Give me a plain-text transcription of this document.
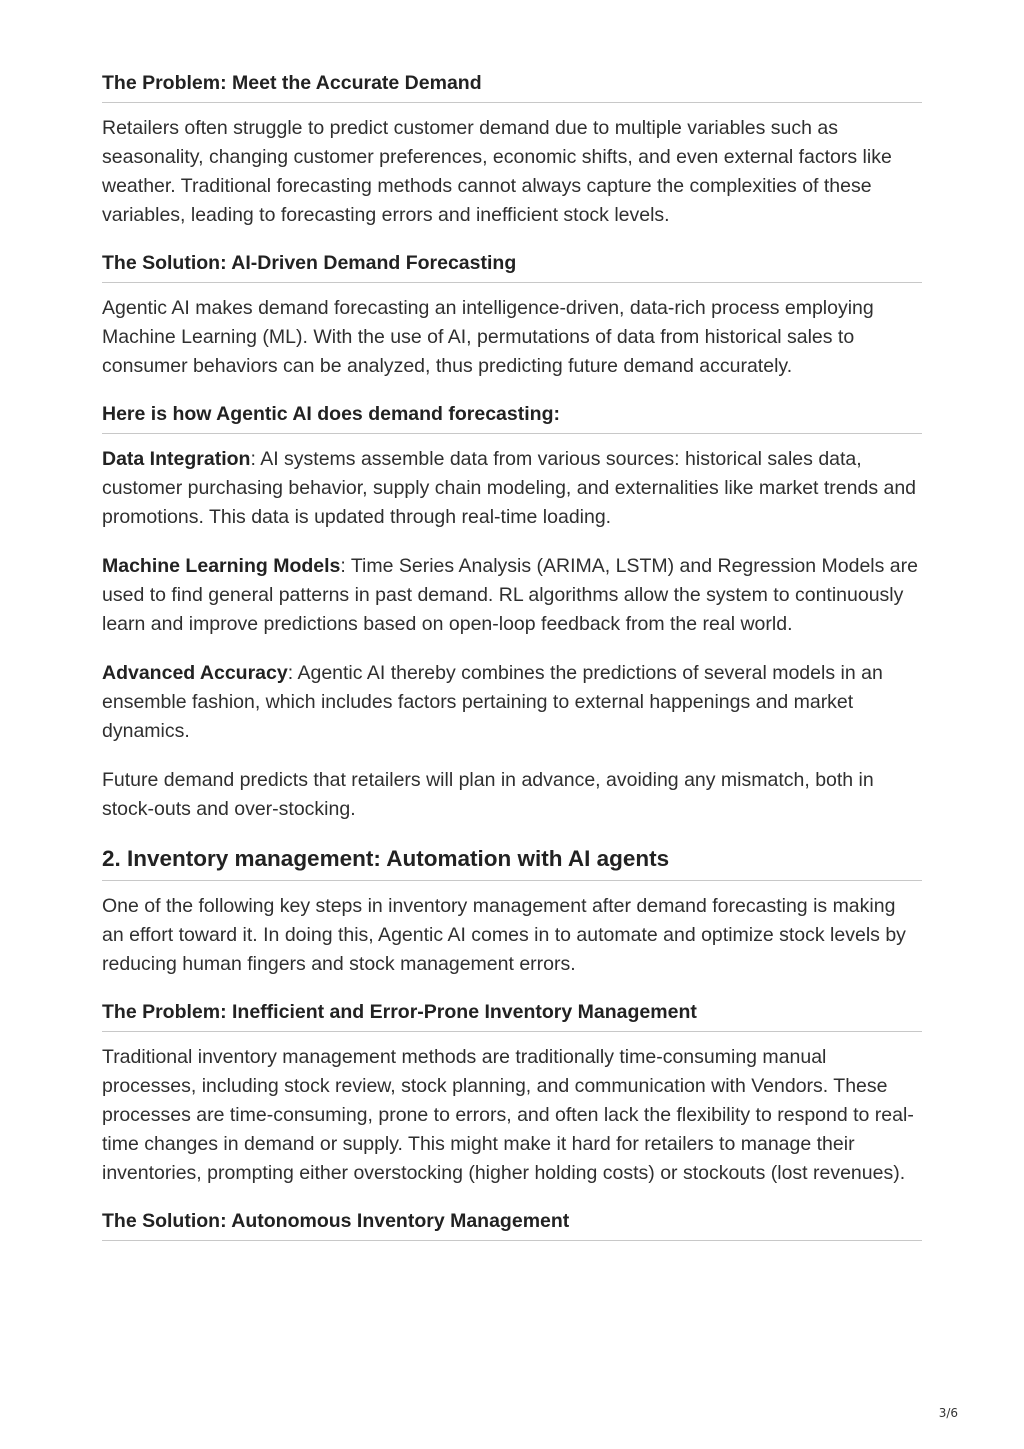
The Problem: Meet the Accurate Demand

Retailers often struggle to predict customer demand due to multiple variables such as seasonality, changing customer preferences, economic shifts, and even external factors like weather. Traditional forecasting methods cannot always capture the complexities of these variables, leading to forecasting errors and inefficient stock levels.

The Solution: AI-Driven Demand Forecasting

Agentic AI makes demand forecasting an intelligence-driven, data-rich process employing Machine Learning (ML). With the use of AI, permutations of data from historical sales to consumer behaviors can be analyzed, thus predicting future demand accurately.

Here is how Agentic AI does demand forecasting:

Data Integration: AI systems assemble data from various sources: historical sales data, customer purchasing behavior, supply chain modeling, and externalities like market trends and promotions. This data is updated through real-time loading.

Machine Learning Models: Time Series Analysis (ARIMA, LSTM) and Regression Models are used to find general patterns in past demand. RL algorithms allow the system to continuously learn and improve predictions based on open-loop feedback from the real world.

Advanced Accuracy: Agentic AI thereby combines the predictions of several models in an ensemble fashion, which includes factors pertaining to external happenings and market dynamics.

Future demand predicts that retailers will plan in advance, avoiding any mismatch, both in stock-outs and over-stocking.

2. Inventory management: Automation with AI agents

One of the following key steps in inventory management after demand forecasting is making an effort toward it. In doing this, Agentic AI comes in to automate and optimize stock levels by reducing human fingers and stock management errors.

The Problem: Inefficient and Error-Prone Inventory Management

Traditional inventory management methods are traditionally time-consuming manual processes, including stock review, stock planning, and communication with Vendors. These processes are time-consuming, prone to errors, and often lack the flexibility to respond to real-time changes in demand or supply. This might make it hard for retailers to manage their inventories, prompting either overstocking (higher holding costs) or stockouts (lost revenues).

The Solution: Autonomous Inventory Management
3/6
